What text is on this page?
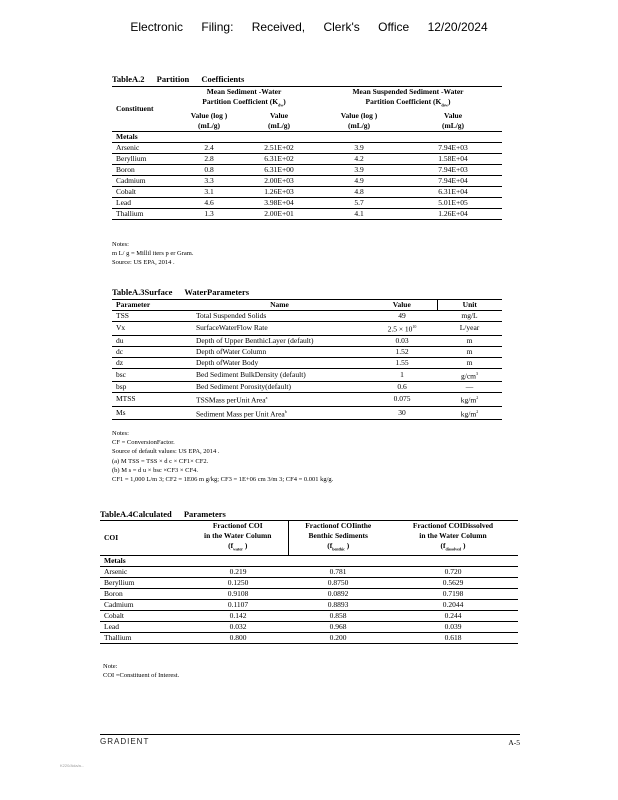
Electronic Filing: Received, Clerk's Office 12/20/2024
TableA.2 Partition Coefficients
Constituent	Mean Sediment -Water		Mean Suspended Sediment -Water	
	Partition Coefficient $(K_{dw})$		Partition Coefficient $(K_{dsw})$	
	Value (log )	Value	Value (log )	Value
	(mL/g)	(mL/g)	(mL/g)	(mL/g)
Metals				
Arsenic	2.4	2.51E+02	3.9	7.94E+03
Beryllium	2.8	6.31E+02	4.2	1.58E+04
Boron	0.8	6.31E+00	3.9	7.94E+03
Cadmium	3.3	2.00E+03	4.9	7.94E+04
Cobalt	3.1	1.26E+03	4.8	6.31E+04
Lead	4.6	3.98E+04	5.7	5.01E+05
Thallium	1.3	2.00E+01	4.1	1.26E+04
Notes:
m L/ g = Millil iters p er Gram.
Source: US EPA, 2014 .
TableA.3Surface WaterParameters
Parameter	Name	Value	Unit
TSS	Total Suspended Solids	49	mg/L
Vx	SurfaceWaterFlow Rate	$2.5 \times 10^{10}$	L/year
du	Depth of Upper BenthicLayer (default)	0.03	m
dc	Depth ofWater Column	1.52	m
dz	Depth ofWater Body	1.55	m
bsc	Bed Sediment BulkDensity (default)	1	$g/cm^3$
bsp	Bed Sediment Porosity(default)	0.6	—
MTSS	TSSMass perUnit Area$^a$	0.075	$kg/m^2$
Ms	Sediment Mass per Unit Area$^b$	30	$kg/m^2$
Notes:
CF = ConversionFactor.
Source of default values: US EPA, 2014 .
(a) M TSS = TSS × d c × CF1× CF2.
(b) M s = d u × bsc ×CF3 × CF4.
CF1 = 1,000 L/m 3; CF2 = 1E06 m g/kg; CF3 = 1E+06 cm 3/m 3; CF4 = 0.001 kg/g.
TableA.4Calculated Parameters
COI	Fractionof COI	Fractionof COIinthe	Fractionof COIDissolved
	in the Water Column	Benthic Sediments	in the Water Column
	($f_{water}$ )	($f_{benthic}$ )	($f_{dissolved}$ )
Metals			
Arsenic	0.219	0.781	0.720
Beryllium	0.1250	0.8750	0.5629
Boron	0.9108	0.0892	0.7198
Cadmium	0.1107	0.8893	0.2044
Cobalt	0.142	0.858	0.244
Lead	0.032	0.968	0.039
Thallium	0.800	0.200	0.618
Note:
COI =Constituent of Interest.
GRADIENT	A-5
K220/Ada/a...
